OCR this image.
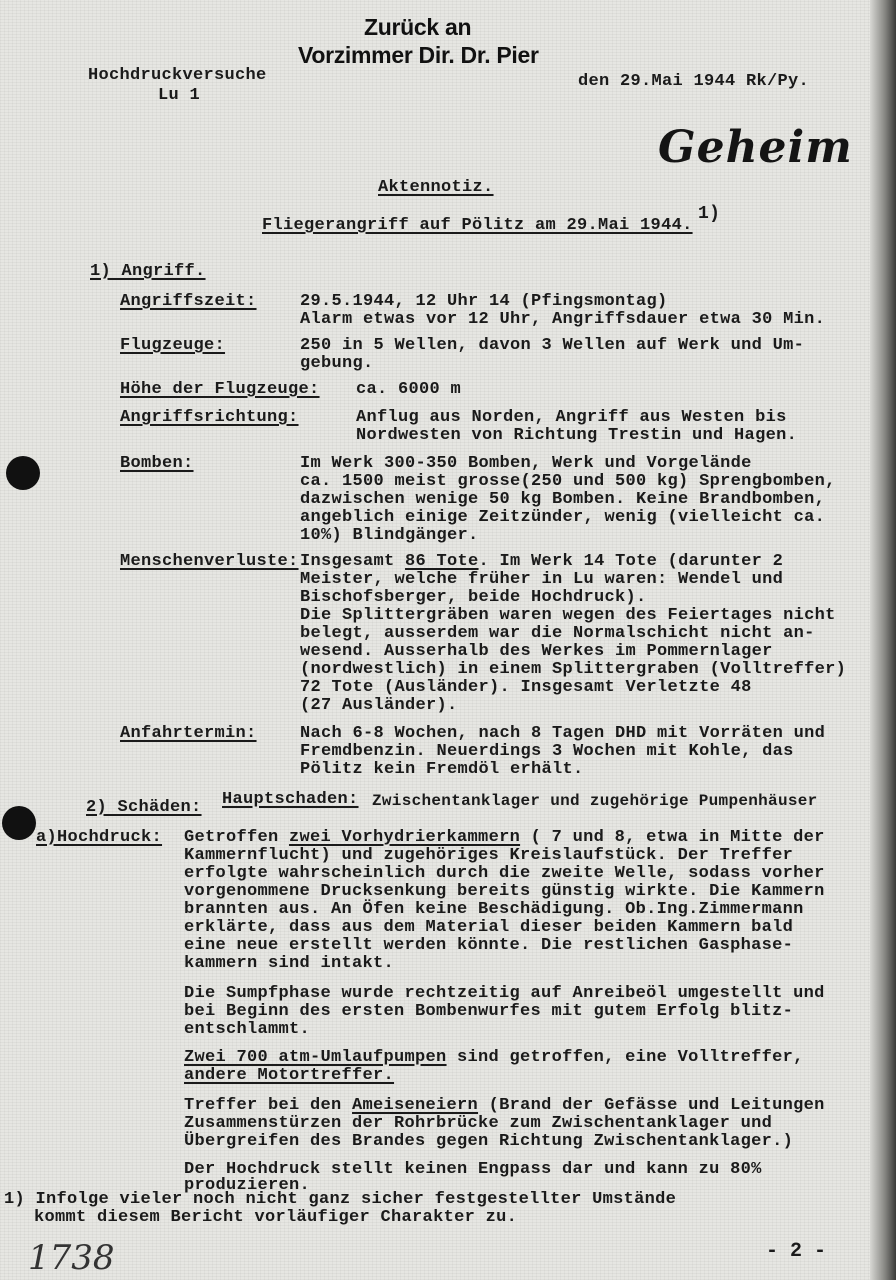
Zurück an
Vorzimmer Dir. Dr. Pier
Hochdruckversuche
Lu 1
den 29.Mai 1944 Rk/Py.
Geheim
Aktennotiz.
Fliegerangriff auf Pölitz am 29.Mai 1944.
1)
1) Angriff.
Angriffszeit:	29.5.1944, 12 Uhr 14 (Pfingsmontag)
Alarm etwas vor 12 Uhr, Angriffsdauer etwa 30 Min.
Flugzeuge:	250 in 5 Wellen, davon 3 Wellen auf Werk und Um-
gebung.
Höhe der Flugzeuge: ca. 6000 m
Angriffsrichtung:	Anflug aus Norden, Angriff aus Westen bis
Nordwesten von Richtung Trestin und Hagen.
Bomben:	Im Werk 300-350 Bomben, Werk und Vorgelände
ca. 1500 meist grosse(250 und 500 kg) Sprengbomben,
dazwischen wenige 50 kg Bomben. Keine Brandbomben,
angeblich einige Zeitzünder, wenig (vielleicht ca.
10%) Blindgänger.
Menschenverluste: Insgesamt 86 Tote. Im Werk 14 Tote (darunter 2
Meister, welche früher in Lu waren: Wendel und
Bischofsberger, beide Hochdruck).
Die Splittergräben waren wegen des Feiertages nicht
belegt, ausserdem war die Normalschicht nicht an-
wesend. Ausserhalb des Werkes im Pommernlager
(nordwestlich) in einem Splittergraben (Volltreffer)
72 Tote (Ausländer). Insgesamt Verletzte 48
(27 Ausländer).
Anfahrtermin:	Nach 6-8 Wochen, nach 8 Tagen DHD mit Vorräten und
Fremdbenzin. Neuerdings 3 Wochen mit Kohle, das
Pölitz kein Fremdöl erhält.
2) Schäden: Hauptschaden: Zwischentanklager und zugehörige Pumpenhäuser
a)Hochdruck: Getroffen zwei Vorhydrierkammern ( 7 und 8, etwa in Mitte der
Kammernflucht) und zugehöriges Kreislaufstück. Der Treffer
erfolgte wahrscheinlich durch die zweite Welle, sodass vorher
vorgenommene Drucksenkung bereits günstig wirkte. Die Kammern
brannten aus. An Öfen keine Beschädigung. Ob.Ing.Zimmermann
erklärte, dass aus dem Material dieser beiden Kammern bald
eine neue erstellt werden könnte. Die restlichen Gasphase-
kammern sind intakt.
Die Sumpfphase wurde rechtzeitig auf Anreibeöl umgestellt und
bei Beginn des ersten Bombenwurfes mit gutem Erfolg blitz-
entschlammt.
Zwei 700 atm-Umlaufpumpen sind getroffen, eine Volltreffer,
andere Motortreffer.
Treffer bei den Ameiseneiern (Brand der Gefässe und Leitungen
Zusammenstürzen der Rohrbrücke zum Zwischentanklager und
Übergreifen des Brandes gegen Richtung Zwischentanklager.)
Der Hochdruck stellt keinen Engpass dar und kann zu 80%
produzieren.
1) Infolge vieler noch nicht ganz sicher festgestellter Umstände
kommt diesem Bericht vorläufiger Charakter zu.
1738	- 2 -
